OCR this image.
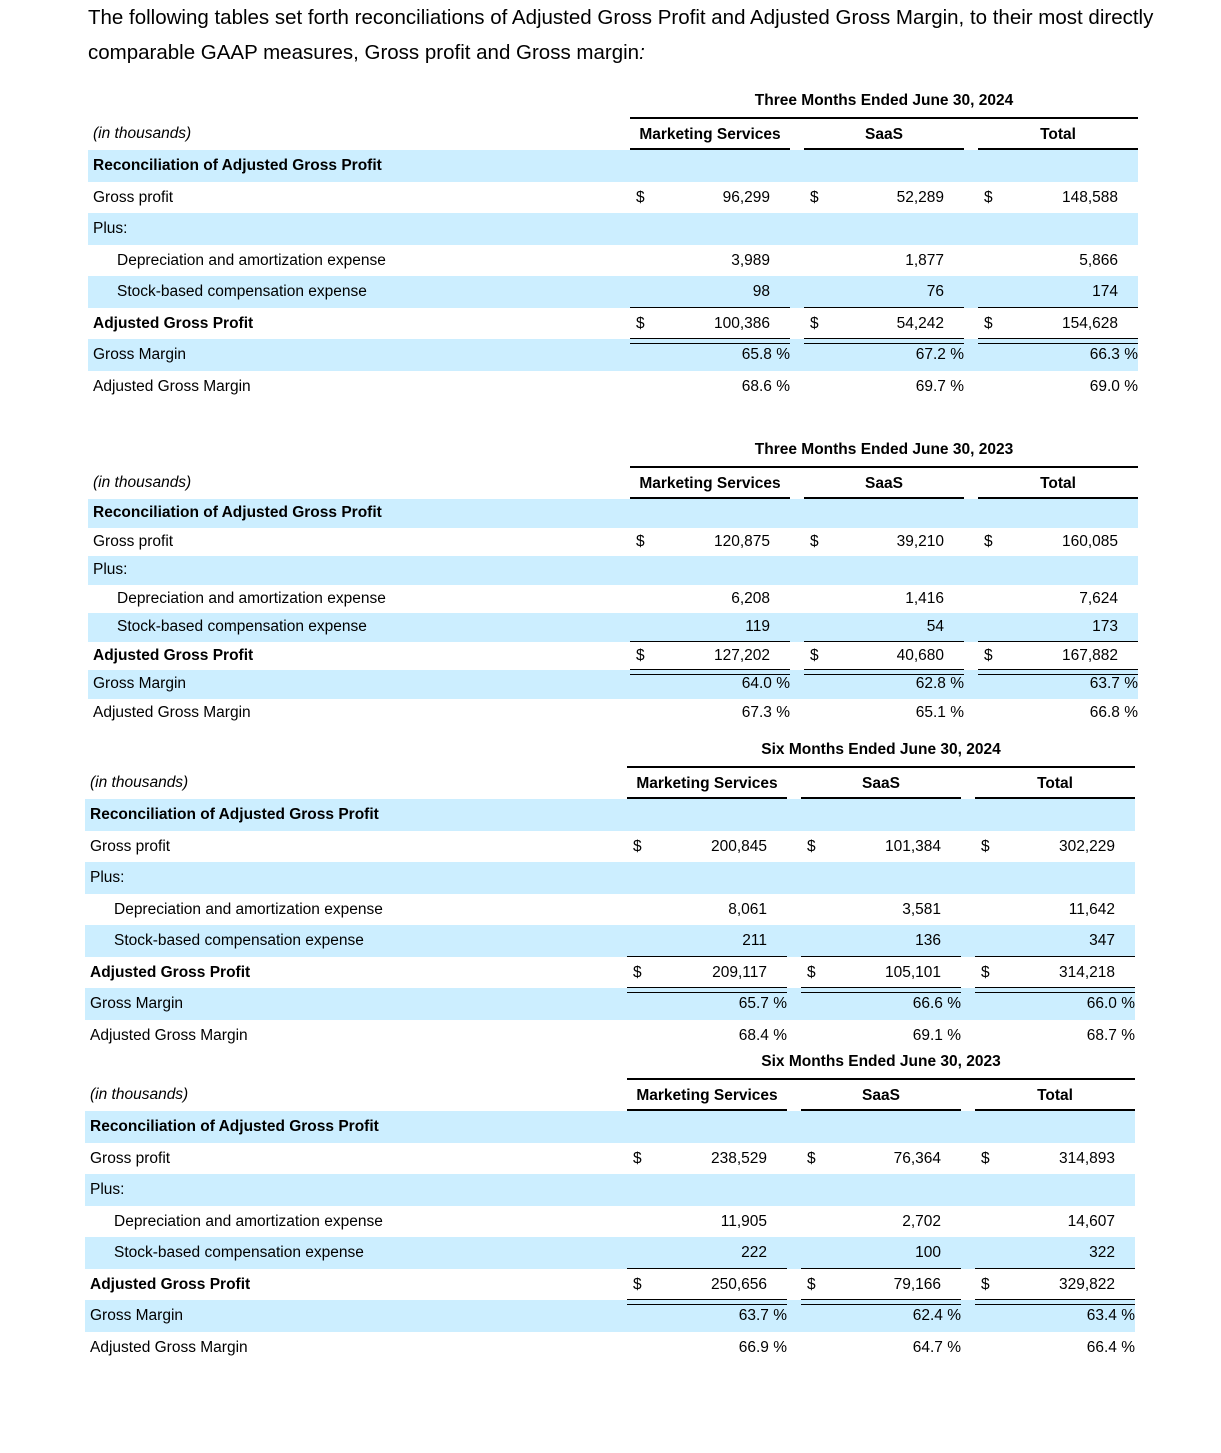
The following tables set forth reconciliations of Adjusted Gross Profit and Adjusted Gross Margin, to their most directly comparable GAAP measures, Gross profit and Gross margin:

Three Months Ended June 30, 2024
(in thousands)	Marketing Services	SaaS	Total
Reconciliation of Adjusted Gross Profit
Gross profit	$	96,299	$	52,289	$	148,588
Plus:
Depreciation and amortization expense	3,989	1,877	5,866
Stock-based compensation expense	98	76	174
Adjusted Gross Profit	$	100,386	$	54,242	$	154,628
Gross Margin	65.8 %	67.2 %	66.3 %
Adjusted Gross Margin	68.6 %	69.7 %	69.0 %
Three Months Ended June 30, 2023
(in thousands)	Marketing Services	SaaS	Total
Reconciliation of Adjusted Gross Profit
Gross profit	$	120,875	$	39,210	$	160,085
Plus:
Depreciation and amortization expense	6,208	1,416	7,624
Stock-based compensation expense	119	54	173
Adjusted Gross Profit	$	127,202	$	40,680	$	167,882
Gross Margin	64.0 %	62.8 %	63.7 %
Adjusted Gross Margin	67.3 %	65.1 %	66.8 %
Six Months Ended June 30, 2024
(in thousands)	Marketing Services	SaaS	Total
Reconciliation of Adjusted Gross Profit
Gross profit	$	200,845	$	101,384	$	302,229
Plus:
Depreciation and amortization expense	8,061	3,581	11,642
Stock-based compensation expense	211	136	347
Adjusted Gross Profit	$	209,117	$	105,101	$	314,218
Gross Margin	65.7 %	66.6 %	66.0 %
Adjusted Gross Margin	68.4 %	69.1 %	68.7 %
Six Months Ended June 30, 2023
(in thousands)	Marketing Services	SaaS	Total
Reconciliation of Adjusted Gross Profit
Gross profit	$	238,529	$	76,364	$	314,893
Plus:
Depreciation and amortization expense	11,905	2,702	14,607
Stock-based compensation expense	222	100	322
Adjusted Gross Profit	$	250,656	$	79,166	$	329,822
Gross Margin	63.7 %	62.4 %	63.4 %
Adjusted Gross Margin	66.9 %	64.7 %	66.4 %
